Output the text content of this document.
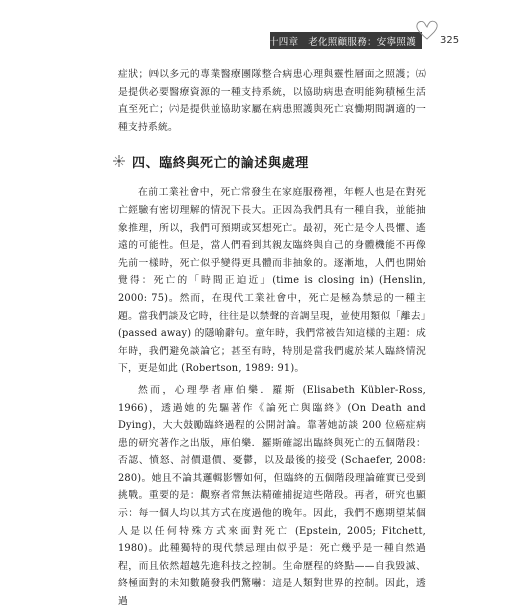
第十四章　老化照顧服務：安寧照護 325

症狀；㈣以多元的專業醫療團隊整合病患心理與靈性層面之照護；㈤是提供必要醫療資源的一種支持系統，以協助病患查明能夠積極生活直至死亡；㈥是提供並協助家屬在病患照護與死亡哀慟期間調適的一種支持系統。

四、臨終與死亡的論述與處理

在前工業社會中，死亡常發生在家庭服務裡，年輕人也是在對死亡經驗有密切理解的情況下長大。正因為我們具有一種自我，並能抽象推理，所以，我們可預期或冥想死亡。最初，死亡是令人畏懼、遙遠的可能性。但是，當人們看到其親友臨終與自己的身體機能不再像先前一樣時，死亡似乎變得更具體而非抽象的。逐漸地，人們也開始覺得：死亡的「時間正迫近」(time is closing in) (Henslin, 2000: 75)。然而，在現代工業社會中，死亡是極為禁忌的一種主題。當我們談及它時，往往是以禁聲的音調呈現，並使用類似「離去」(passed away) 的隱喻辭句。童年時，我們常被告知這樣的主題：成年時，我們避免談論它；甚至有時，特別是當我們處於某人臨終情況下，更是如此 (Robertson, 1989: 91)。

然而，心理學者庫伯樂．羅斯 (Elisabeth Kübler-Ross, 1966)，透過她的先驅著作《論死亡與臨終》(On Death and Dying)，大大鼓勵臨終過程的公開討論。靠著她訪談 200 位癌症病患的研究著作之出版，庫伯樂．羅斯確認出臨終與死亡的五個階段：否認、憤怒、討價還價、憂鬱，以及最後的接受 (Schaefer, 2008: 280)。她且不論其邏輯影響如何，但臨終的五個階段理論確實已受到挑戰。重要的是：觀察者常無法精確捕捉這些階段。再者，研究也顯示：每一個人均以其方式在度過他的晚年。因此，我們不應期望某個人是以任何特殊方式來面對死亡 (Epstein, 2005; Fitchett, 1980)。此種獨特的現代禁忌理由似乎是：死亡幾乎是一種自然過程，而且依然超越先進科技之控制。生命歷程的終點——自我毀滅、終極面對的未知數隨發我們驚嚇：這是人類對世界的控制。因此，透過
